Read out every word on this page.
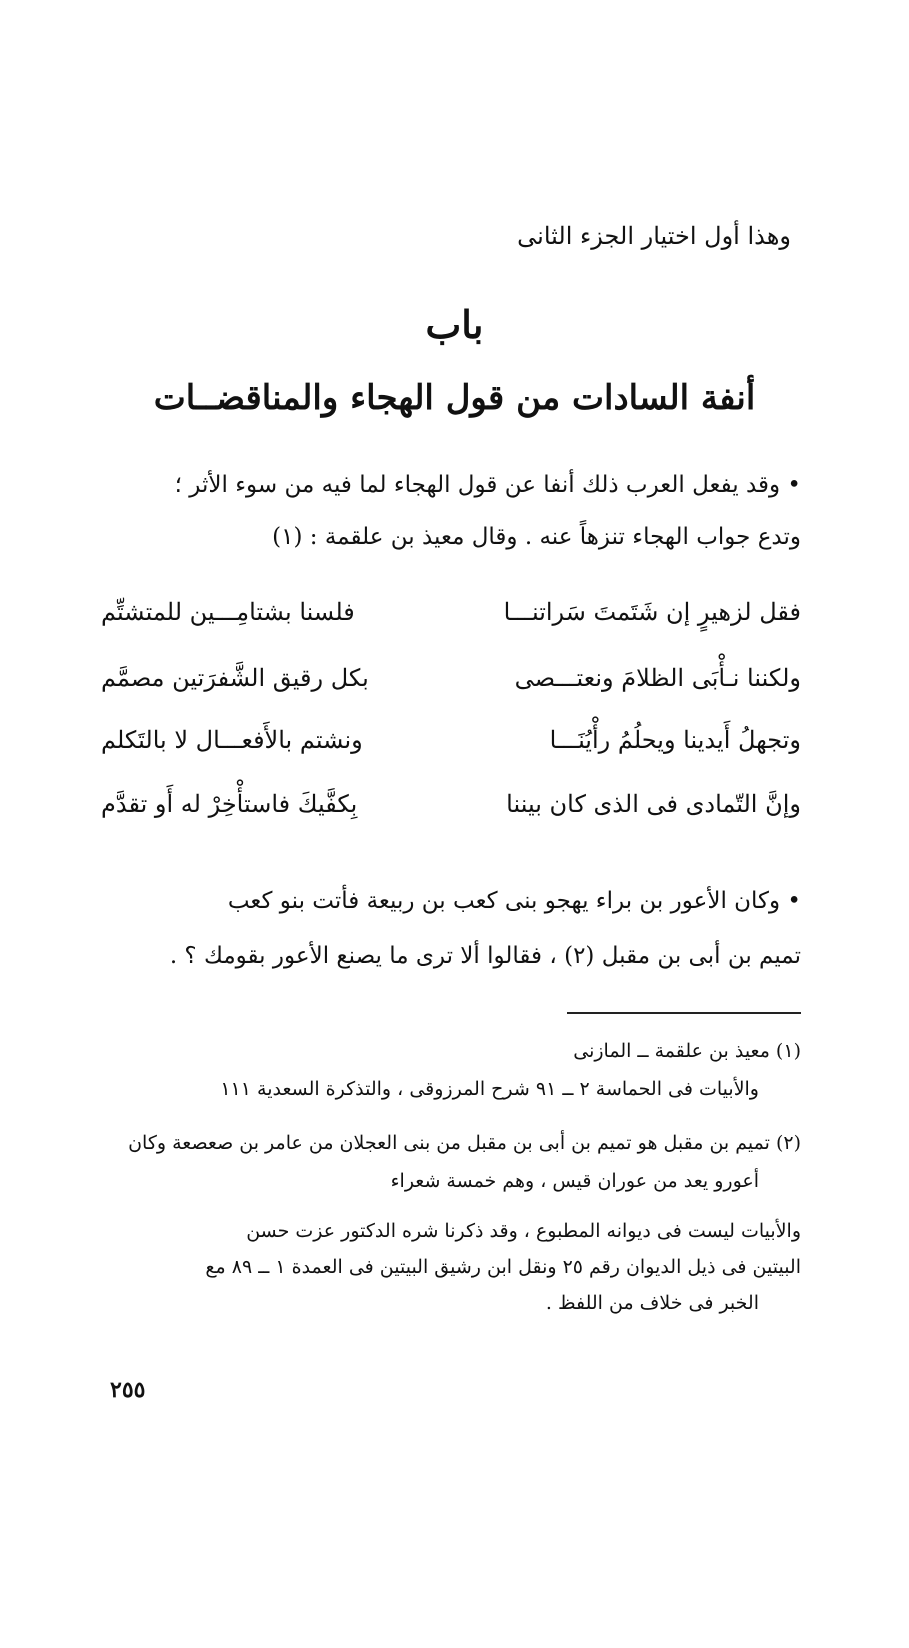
وهذا أول اختيار الجزء الثانى
باب
أنفة السادات من قول الهجاء والمناقضــات
• وقد يفعل العرب ذلك أنفا عن قول الهجاء لما فيه من سوء الأثر ؛
وتدع جواب الهجاء تنزهاً عنه . وقال معيذ بن علقمة : (١)
فقل لزهيرٍ إن شَتَمتَ سَراتنـــا
فلسنا بشتامِـــين للمتشتِّم
ولكننا نـأْبَى الظلامَ ونعتـــصى
بكل رقيق الشَّفرَتين مصمَّم
وتجهلُ أَيدينا ويحلُمُ رأْيُنَـــا
ونشتم بالأَفعـــال لا بالتَكلم
وإنَّ التّمادى فى الذى كان بيننا
بِكفَّيكَ فاستأْخِرْ له أَو تقدَّم
• وكان الأعور بن براء يهجو بنى كعب بن ربيعة فأتت بنو كعب
تميم بن أبى بن مقبل (٢) ، فقالوا ألا ترى ما يصنع الأعور بقومك ؟ .
(١) معيذ بن علقمة ــ المازنى
والأبيات فى الحماسة ٢ ــ ٩١ شرح المرزوقى ، والتذكرة السعدية ١١١
(٢) تميم بن مقبل هو تميم بن أبى بن مقبل من بنى العجلان من عامر بن صعصعة وكان
أعورو يعد من عوران قيس ، وهم خمسة شعراء
والأبيات ليست فى ديوانه المطبوع ، وقد ذكرنا شره الدكتور عزت حسن
البيتين فى ذيل الديوان رقم ٢٥ ونقل ابن رشيق البيتين فى العمدة ١ ــ ٨٩ مع
الخبر فى خلاف من اللفظ .
٢٥٥
